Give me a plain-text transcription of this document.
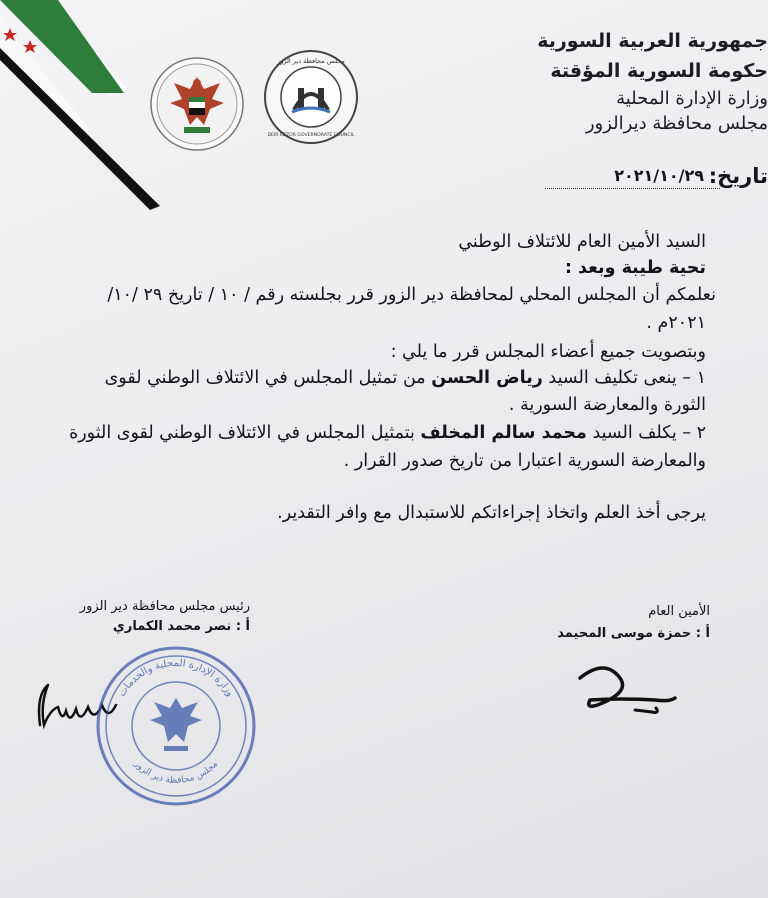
مجلس محافظة دير الزور
DEIR EZZOR GOVERNORATE COUNCIL
جمهورية العربية السورية
حكومة السورية المؤقتة
وزارة الإدارة المحلية
مجلس محافظة ديرالزور
تاريخ:
٢٠٢١/١٠/٢٩
السيد الأمين العام للائتلاف الوطني
تحية طيبة وبعد :
نعلمكم أن المجلس المحلي لمحافظة دير الزور قرر بجلسته رقم / ١٠ / تاريخ ٢٩ /١٠/
٢٠٢١م .
وبتصويت جميع أعضاء المجلس قرر ما يلي :
١ – ينعى تكليف السيد رياض الحسن من تمثيل المجلس في الائتلاف الوطني لقوى
الثورة والمعارضة السورية .
٢ – يكلف السيد محمد سالم المخلف بتمثيل المجلس في الائتلاف الوطني لقوى الثورة
والمعارضة السورية اعتبارا من تاريخ صدور القرار .
يرجى أخذ العلم واتخاذ إجراءاتكم للاستبدال مع وافر التقدير.
الأمين العام
أ : حمزة موسى المحيمد
رئيس مجلس محافظة دير الزور
أ : نصر محمد الكماري
وزارة الإدارة المحلية والخدمات
مجلس محافظة دير الزور
